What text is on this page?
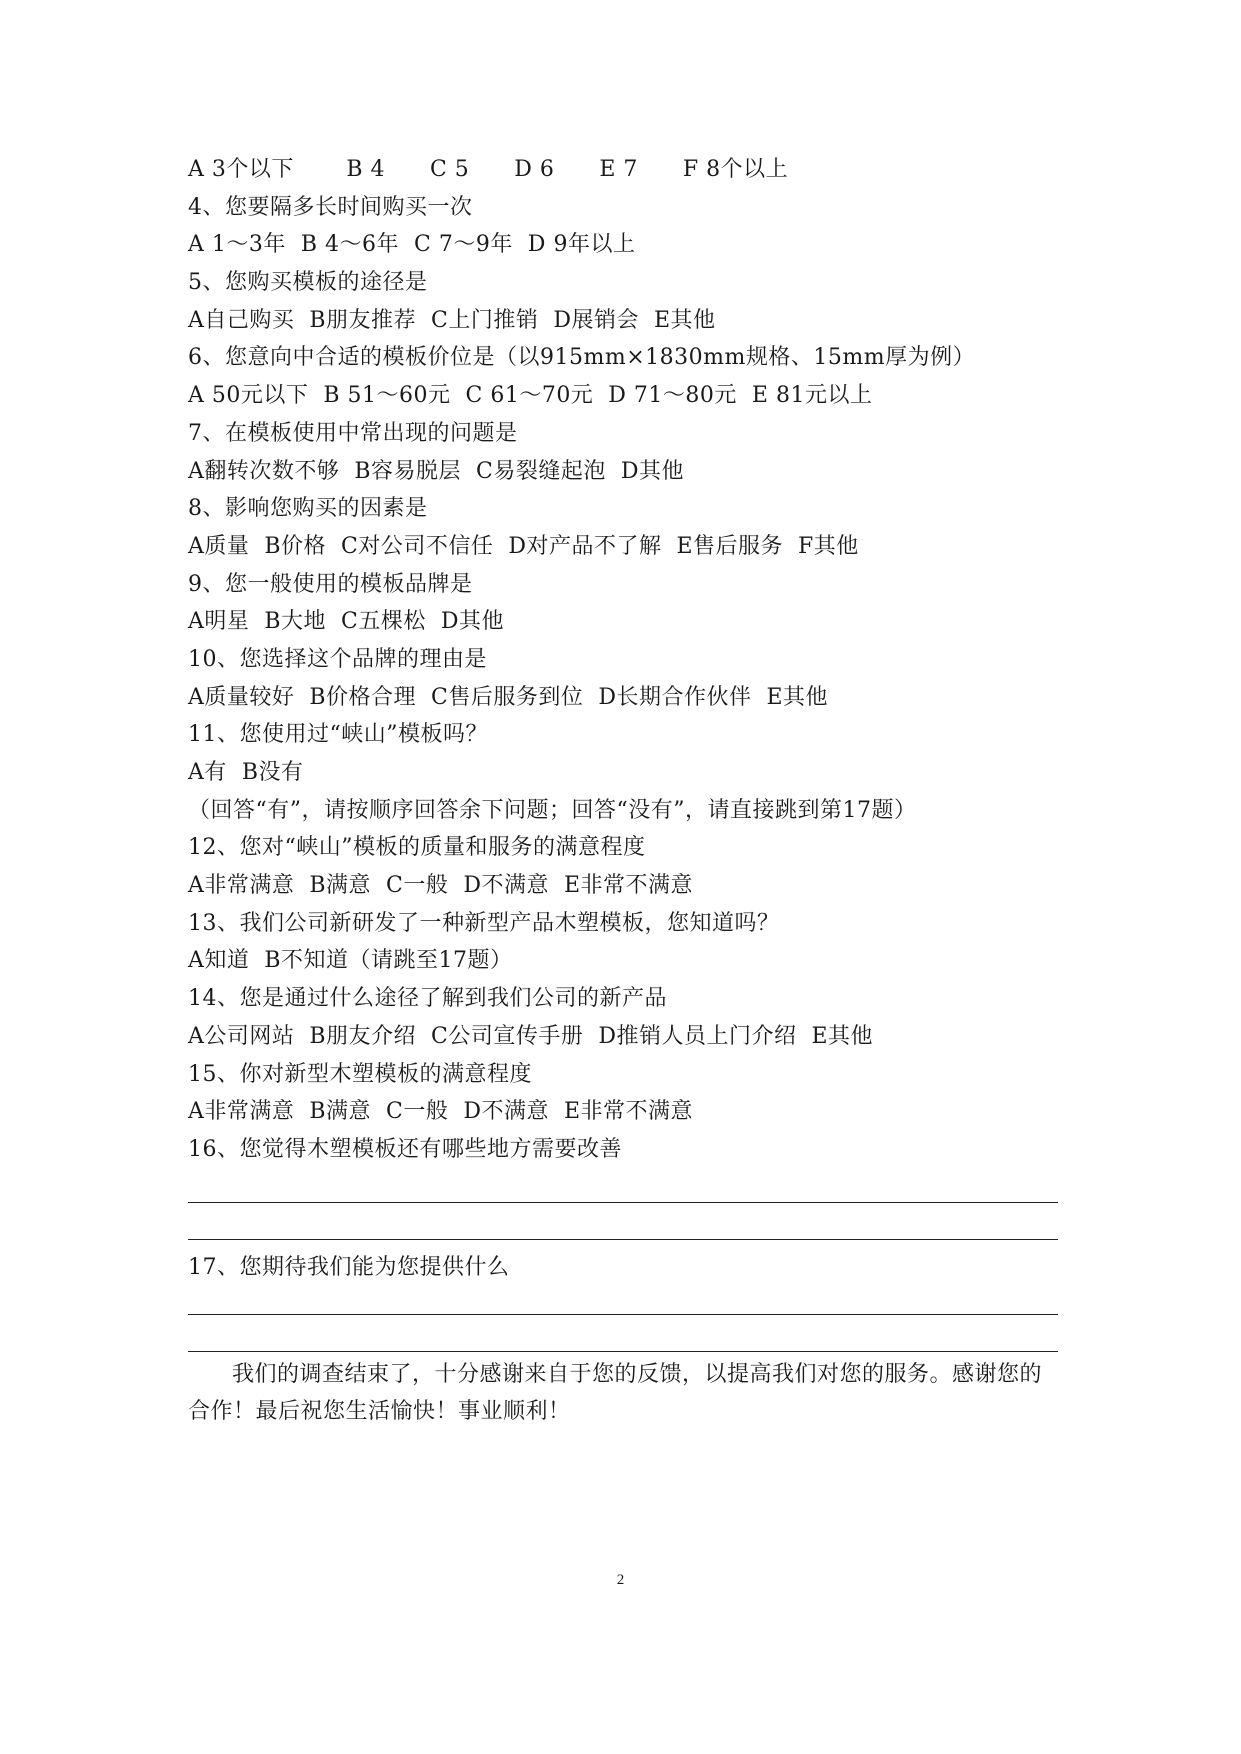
A 3个以下       B 4      C 5      D 6      E 7      F 8个以上
4、您要隔多长时间购买一次
A 1～3年  B 4～6年  C 7～9年  D 9年以上
5、您购买模板的途径是
A自己购买  B朋友推荐  C上门推销  D展销会  E其他
6、您意向中合适的模板价位是（以915mm×1830mm规格、15mm厚为例）
A 50元以下  B 51～60元  C 61～70元  D 71～80元  E 81元以上
7、在模板使用中常出现的问题是
A翻转次数不够  B容易脱层  C易裂缝起泡  D其他
8、影响您购买的因素是
A质量  B价格  C对公司不信任  D对产品不了解  E售后服务  F其他
9、您一般使用的模板品牌是
A明星  B大地  C五棵松  D其他
10、您选择这个品牌的理由是
A质量较好  B价格合理  C售后服务到位  D长期合作伙伴  E其他
11、您使用过“峡山”模板吗？
A有  B没有
（回答“有”，请按顺序回答余下问题；回答“没有”，请直接跳到第17题）
12、您对“峡山”模板的质量和服务的满意程度
A非常满意  B满意  C一般  D不满意  E非常不满意
13、我们公司新研发了一种新型产品木塑模板，您知道吗？
A知道  B不知道（请跳至17题）
14、您是通过什么途径了解到我们公司的新产品
A公司网站  B朋友介绍  C公司宣传手册  D推销人员上门介绍  E其他
15、你对新型木塑模板的满意程度
A非常满意  B满意  C一般  D不满意  E非常不满意
16、您觉得木塑模板还有哪些地方需要改善
17、您期待我们能为您提供什么
我们的调查结束了，十分感谢来自于您的反馈，以提高我们对您的服务。感谢您的合作！最后祝您生活愉快！事业顺利！
2
